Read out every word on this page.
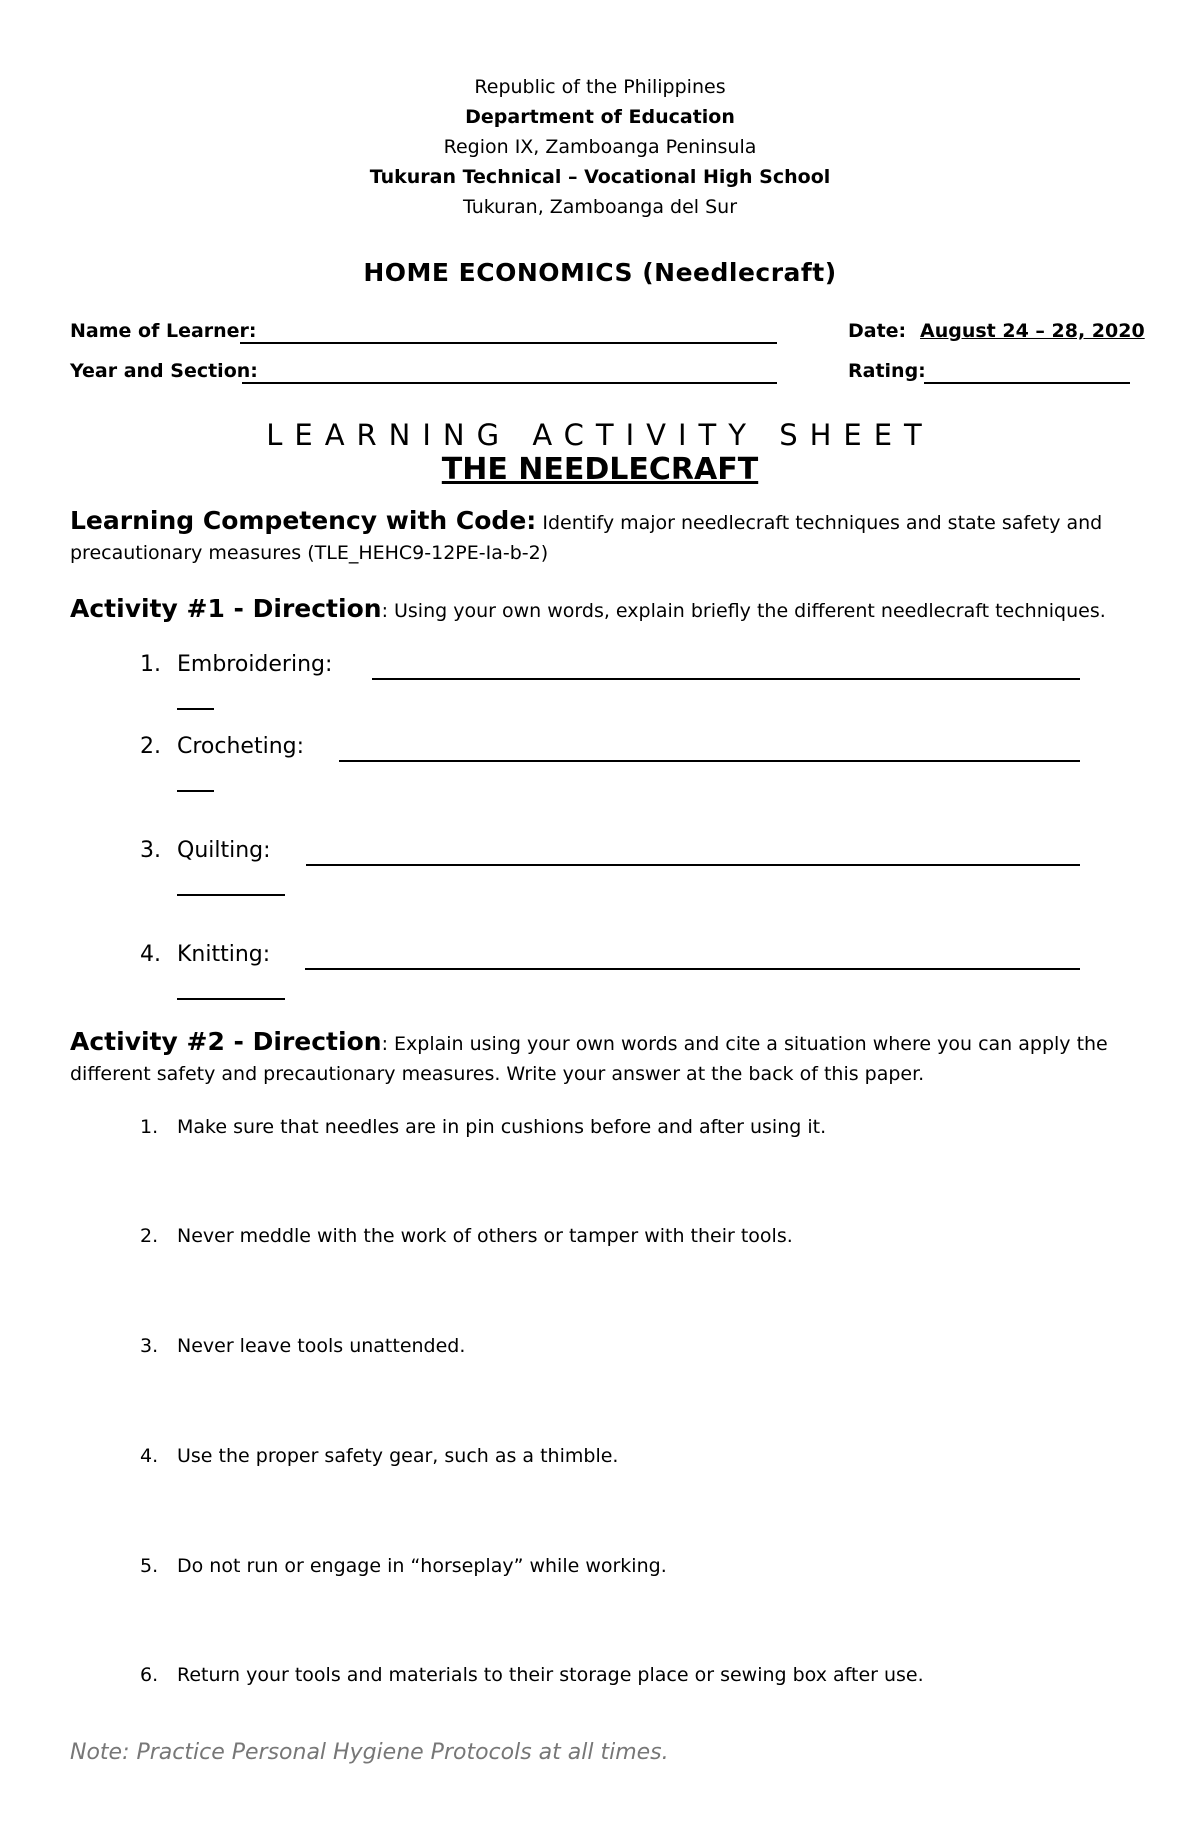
Republic of the Philippines
Department of Education
Region IX, Zamboanga Peninsula
Tukuran Technical – Vocational High School
Tukuran, Zamboanga del Sur
HOME ECONOMICS (Needlecraft)
Name of Learner:	Date: August 24 – 28, 2020
Year and Section:	Rating:
LEARNING ACTIVITY SHEET
THE NEEDLECRAFT
Learning Competency with Code: Identify major needlecraft techniques and state safety and precautionary measures (TLE_HEHC9-12PE-Ia-b-2)
Activity #1 - Direction: Using your own words, explain briefly the different needlecraft techniques.
1. Embroidering:
2. Crocheting:
3. Quilting:
4. Knitting:
Activity #2 - Direction: Explain using your own words and cite a situation where you can apply the different safety and precautionary measures. Write your answer at the back of this paper.
1. Make sure that needles are in pin cushions before and after using it.
2. Never meddle with the work of others or tamper with their tools.
3. Never leave tools unattended.
4. Use the proper safety gear, such as a thimble.
5. Do not run or engage in “horseplay” while working.
6. Return your tools and materials to their storage place or sewing box after use.
Note: Practice Personal Hygiene Protocols at all times.
